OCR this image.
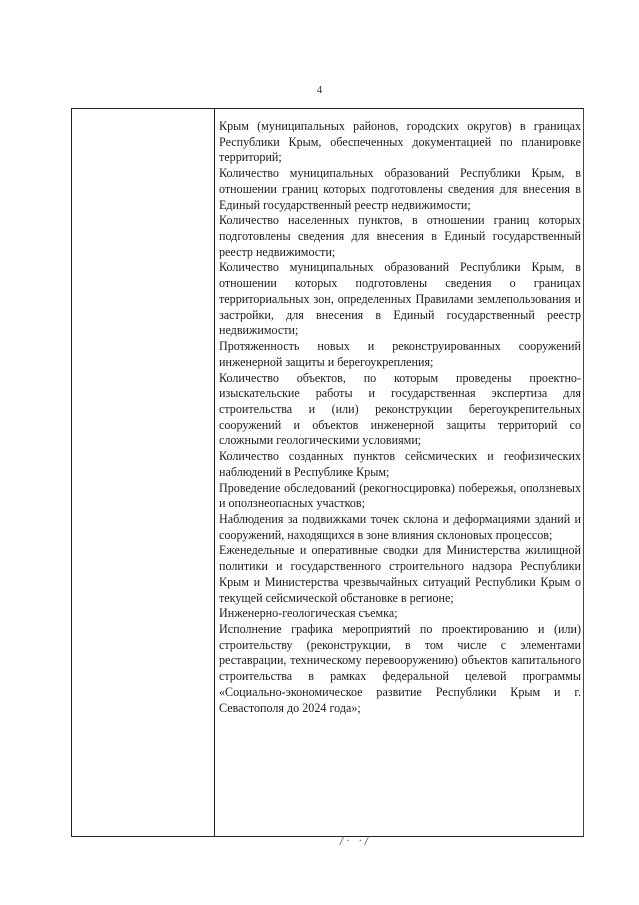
4

Крым (муниципальных районов, городских округов) в границах Республики Крым, обеспеченных документацией по планировке территорий;

Количество муниципальных образований Республики Крым, в отношении границ которых подготовлены сведения для внесения в Единый государственный реестр недвижимости;

Количество населенных пунктов, в отношении границ которых подготовлены сведения для внесения в Единый государственный реестр недвижимости;

Количество муниципальных образований Республики Крым, в отношении которых подготовлены сведения о границах территориальных зон, определенных Правилами землепользования и застройки, для внесения в Единый государственный реестр недвижимости;

Протяженность новых и реконструированных сооружений инженерной защиты и берегоукрепления;

Количество объектов, по которым проведены проектно-изыскательские работы и государственная экспертиза для строительства и (или) реконструкции берегоукрепительных сооружений и объектов инженерной защиты территорий со сложными геологическими условиями;

Количество созданных пунктов сейсмических и геофизических наблюдений в Республике Крым;

Проведение обследований (рекогносцировка) побережья, оползневых и оползнеопасных участков;

Наблюдения за подвижками точек склона и деформациями зданий и сооружений, находящихся в зоне влияния склоновых процессов;

Еженедельные и оперативные сводки для Министерства жилищной политики и государственного строительного надзора Республики Крым и Министерства чрезвычайных ситуаций Республики Крым о текущей сейсмической обстановке в регионе;

Инженерно-геологическая съемка;

Исполнение графика мероприятий по проектированию и (или) строительству (реконструкции, в том числе с элементами реставрации, техническому перевооружению) объектов капитального строительства в рамках федеральной целевой программы «Социально-экономическое развитие Республики Крым и г. Севастополя до 2024 года»;

/· ·/
